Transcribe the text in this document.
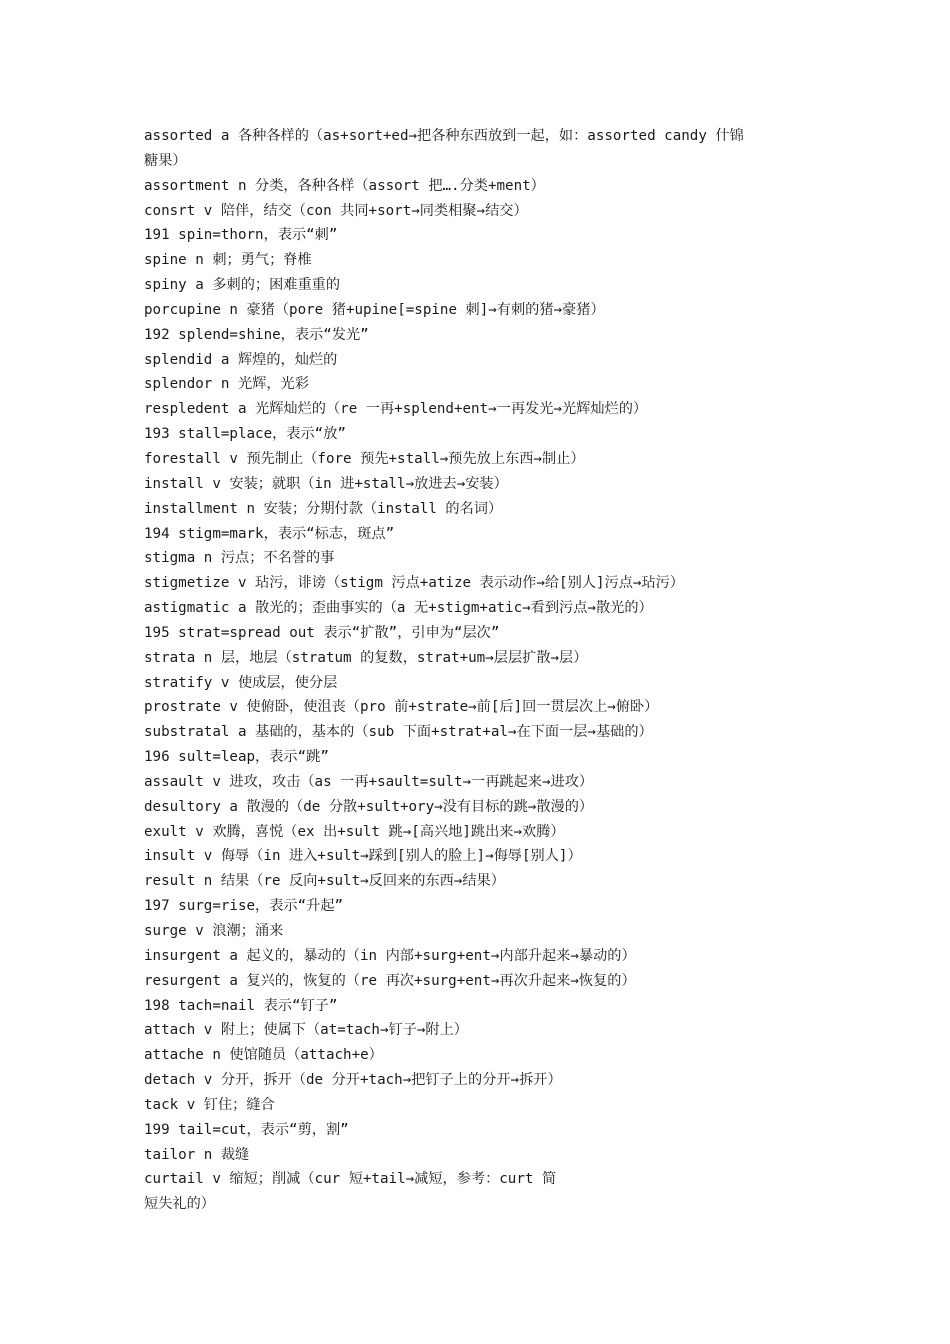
assorted a 各种各样的（as+sort+ed→把各种东西放到一起，如：assorted candy 什锦
糖果）
assortment n 分类，各种各样（assort 把….分类+ment）
consrt v 陪伴，结交（con 共同+sort→同类相聚→结交）
191 spin=thorn，表示“刺”
spine n 刺；勇气；脊椎
spiny a 多刺的；困难重重的
porcupine n 豪猪（pore 猪+upine[=spine 刺]→有刺的猪→豪猪）
192 splend=shine，表示“发光”
splendid a 辉煌的，灿烂的
splendor n 光辉，光彩
respledent a 光辉灿烂的（re 一再+splend+ent→一再发光→光辉灿烂的）
193 stall=place，表示“放”
forestall v 预先制止（fore 预先+stall→预先放上东西→制止）
install v 安装；就职（in 进+stall→放进去→安装）
installment n 安装；分期付款（install 的名词）
194 stigm=mark，表示“标志，斑点”
stigma n 污点；不名誉的事
stigmetize v 玷污，诽谤（stigm 污点+atize 表示动作→给[别人]污点→玷污）
astigmatic a 散光的；歪曲事实的（a 无+stigm+atic→看到污点→散光的）
195 strat=spread out 表示“扩散”，引申为“层次”
strata n 层，地层（stratum 的复数，strat+um→层层扩散→层）
stratify v 使成层，使分层
prostrate v 使俯卧，使沮丧（pro 前+strate→前[后]回一贯层次上→俯卧）
substratal a 基础的，基本的（sub 下面+strat+al→在下面一层→基础的）
196 sult=leap，表示“跳”
assault v 进攻，攻击（as 一再+sault=sult→一再跳起来→进攻）
desultory a 散漫的（de 分散+sult+ory→没有目标的跳→散漫的）
exult v 欢腾，喜悦（ex 出+sult 跳→[高兴地]跳出来→欢腾）
insult v 侮辱（in 进入+sult→踩到[别人的脸上]→侮辱[别人]）
result n 结果（re 反向+sult→反回来的东西→结果）
197 surg=rise，表示“升起”
surge v 浪潮；涌来
insurgent a 起义的，暴动的（in 内部+surg+ent→内部升起来→暴动的）
resurgent a 复兴的，恢复的（re 再次+surg+ent→再次升起来→恢复的）
198 tach=nail 表示“钉子”
attach v 附上；使属下（at=tach→钉子→附上）
attache n 使馆随员（attach+e）
detach v 分开，拆开（de 分开+tach→把钉子上的分开→拆开）
tack v 钉住；缝合
199 tail=cut，表示“剪，割”
tailor n 裁缝
curtail v 缩短；削减（cur 短+tail→减短，参考：curt 简
短失礼的）
